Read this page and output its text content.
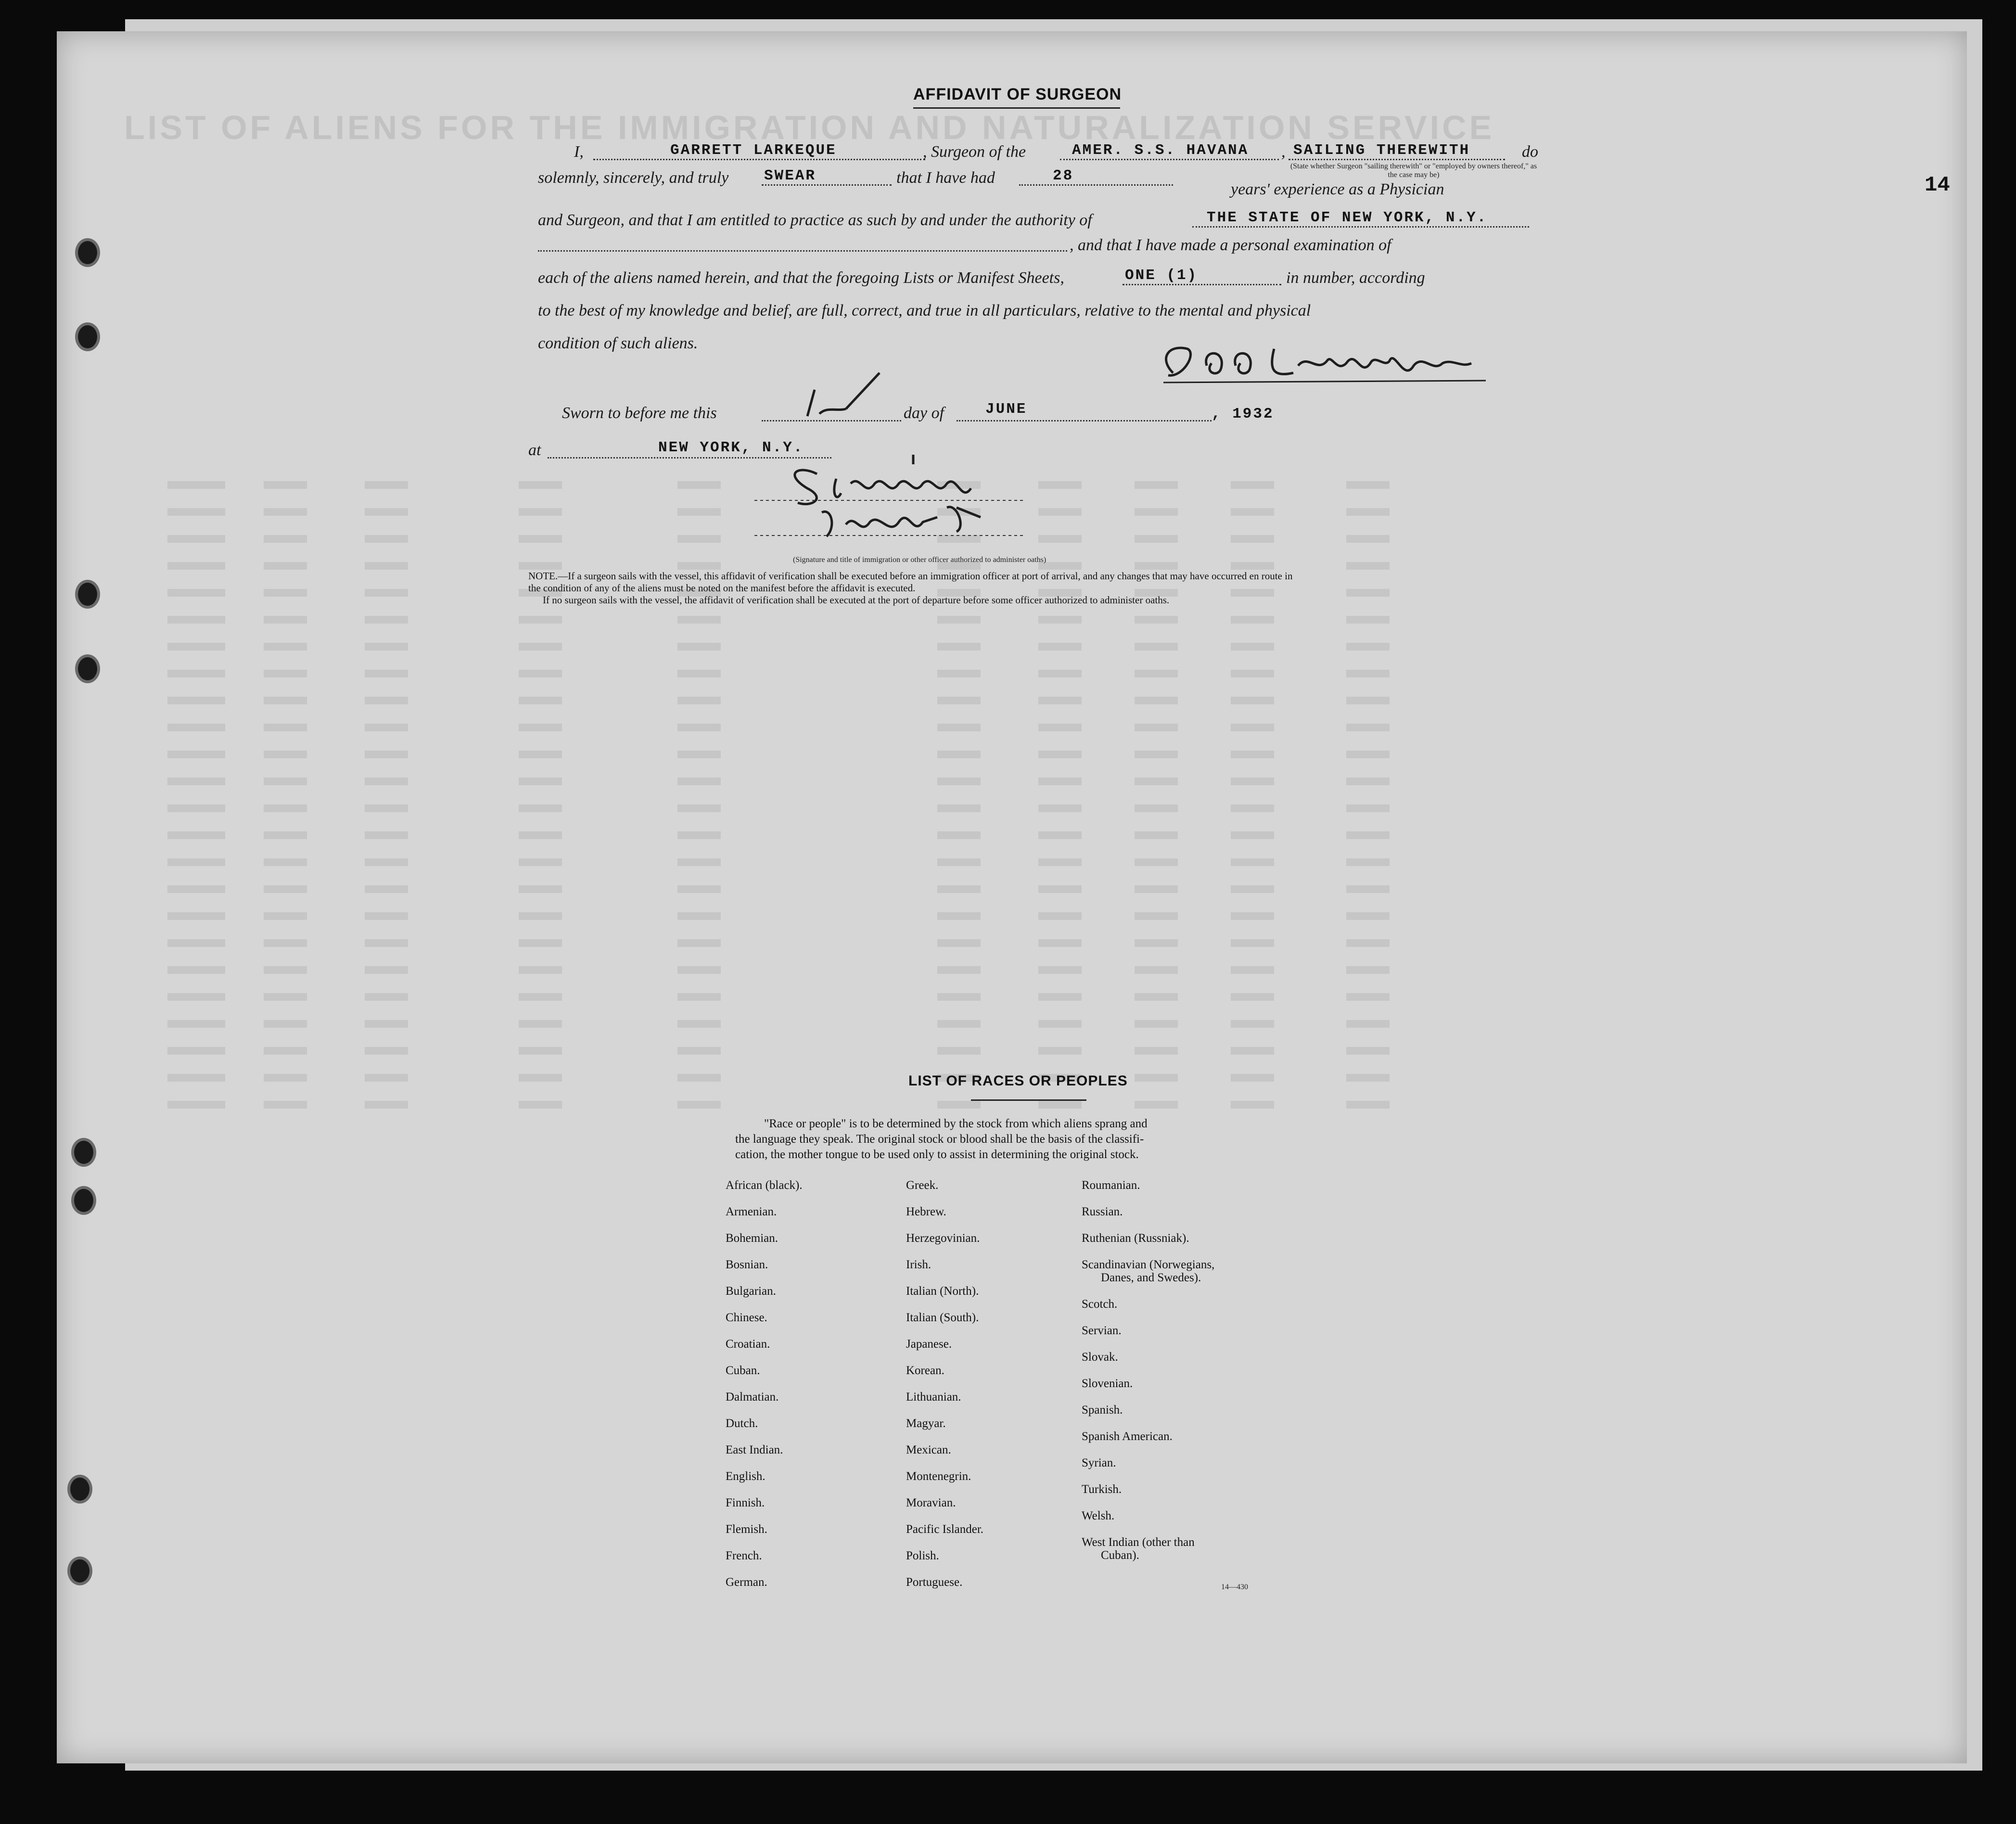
LIST OF ALIENS FOR THE IMMIGRATION AND NATURALIZATION SERVICE
14
AFFIDAVIT OF SURGEON
I,	GARRETT LARKEQUE	, Surgeon of the	AMER. S.S. HAVANA , SAILING THEREWITH	do
(State whether Surgeon "sailing therewith" or "employed by owners thereof," as the case may be)
solemnly, sincerely, and truly SWEAR	that I have had	28
years' experience as a Physician
and Surgeon, and that I am entitled to practice as such by and under the authority of	THE STATE OF NEW YORK, N.Y.
, and that I have made a personal examination of
each of the aliens named herein, and that the foregoing Lists or Manifest Sheets,	ONE (1)	in number, according
to the best of my knowledge and belief, are full, correct, and true in all particulars, relative to the mental and physical
condition of such aliens.
Sworn to before me this	day of	JUNE	, 1932
at	NEW YORK, N.Y.
(Signature and title of immigration or other officer authorized to administer oaths)
NOTE.—If a surgeon sails with the vessel, this affidavit of verification shall be executed before an immigration officer at port of arrival, and any changes that may have occurred en route in
the condition of any of the aliens must be noted on the manifest before the affidavit is executed.
If no surgeon sails with the vessel, the affidavit of verification shall be executed at the port of departure before some officer authorized to administer oaths.
LIST OF RACES OR PEOPLES
"Race or people" is to be determined by the stock from which aliens sprang and
the language they speak. The original stock or blood shall be the basis of the classifi-
cation, the mother tongue to be used only to assist in determining the original stock.
African (black).
Armenian.
Bohemian.
Bosnian.
Bulgarian.
Chinese.
Croatian.
Cuban.
Dalmatian.
Dutch.
East Indian.
English.
Finnish.
Flemish.
French.
German.
Greek.
Hebrew.
Herzegovinian.
Irish.
Italian (North).
Italian (South).
Japanese.
Korean.
Lithuanian.
Magyar.
Mexican.
Montenegrin.
Moravian.
Pacific Islander.
Polish.
Portuguese.
Roumanian.
Russian.
Ruthenian (Russniak).
Scandinavian (Norwegians,
Danes, and Swedes).
Scotch.
Servian.
Slovak.
Slovenian.
Spanish.
Spanish American.
Syrian.
Turkish.
Welsh.
West Indian (other than
Cuban).
14—430
